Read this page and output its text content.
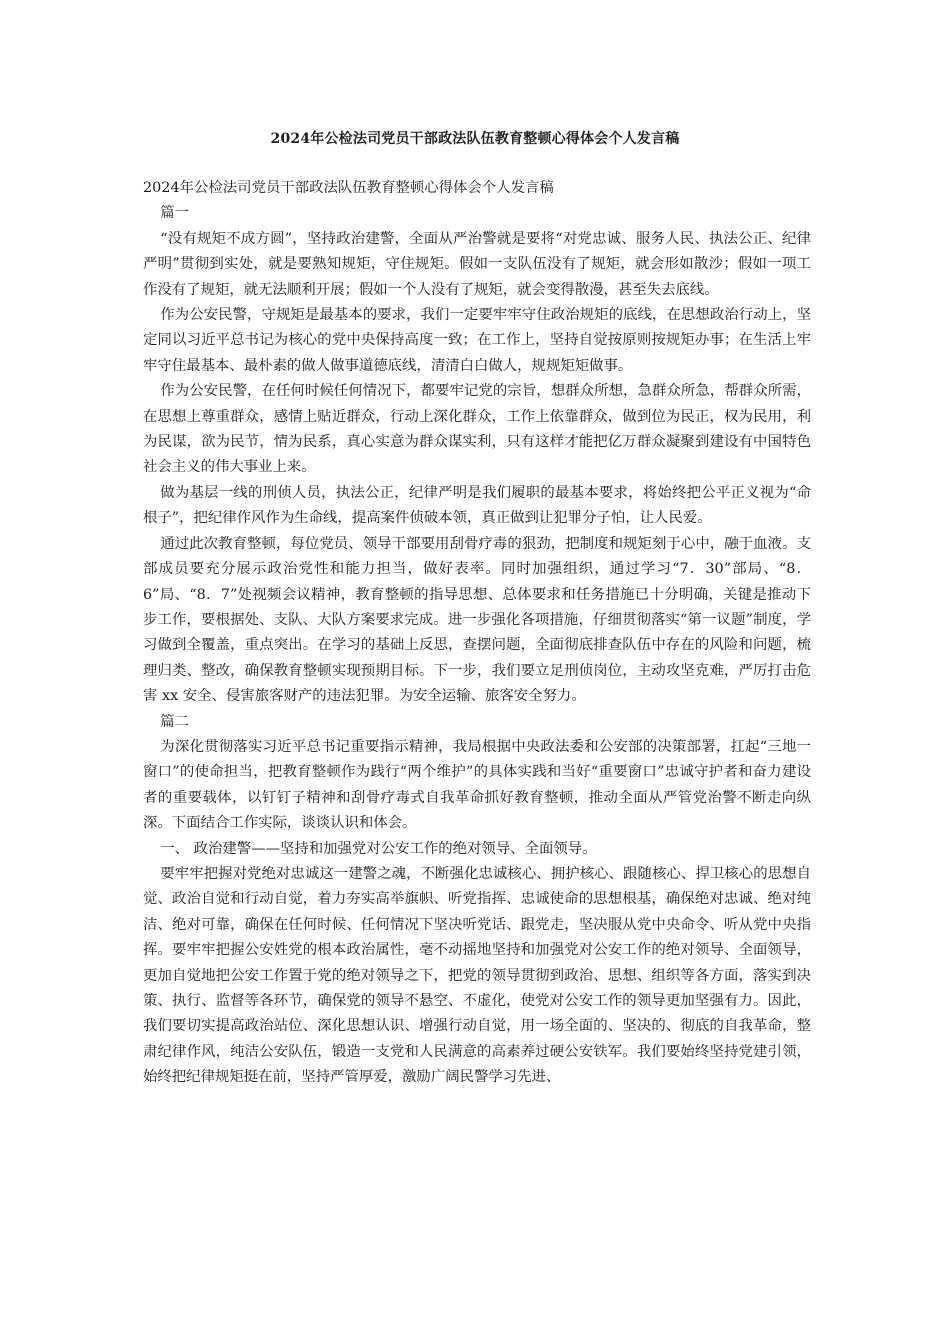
2024年公检法司党员干部政法队伍教育整顿心得体会个人发言稿

2024年公检法司党员干部政法队伍教育整顿心得体会个人发言稿

篇一

“没有规矩不成方圆”，坚持政治建警，全面从严治警就是要将“对党忠诚、服务人民、执法公正、纪律严明”贯彻到实处，就是要熟知规矩，守住规矩。假如一支队伍没有了规矩，就会形如散沙；假如一项工作没有了规矩，就无法顺利开展；假如一个人没有了规矩，就会变得散漫，甚至失去底线。

作为公安民警，守规矩是最基本的要求，我们一定要牢牢守住政治规矩的底线，在思想政治行动上，坚定同以习近平总书记为核心的党中央保持高度一致；在工作上，坚持自觉按原则按规矩办事；在生活上牢牢守住最基本、最朴素的做人做事道德底线，清清白白做人，规规矩矩做事。

作为公安民警，在任何时候任何情况下，都要牢记党的宗旨，想群众所想，急群众所急，帮群众所需，在思想上尊重群众，感情上贴近群众，行动上深化群众，工作上依靠群众，做到位为民正，权为民用，利为民谋，欲为民节，情为民系，真心实意为群众谋实利，只有这样才能把亿万群众凝聚到建设有中国特色社会主义的伟大事业上来。

做为基层一线的刑侦人员，执法公正，纪律严明是我们履职的最基本要求，将始终把公平正义视为“命根子”，把纪律作风作为生命线，提高案件侦破本领，真正做到让犯罪分子怕，让人民爱。

通过此次教育整顿，每位党员、领导干部要用刮骨疗毒的狠劲，把制度和规矩刻于心中，融于血液。支部成员要充分展示政治党性和能力担当，做好表率。同时加强组织，通过学习“7．30”部局、“8．6”局、“8．7”处视频会议精神，教育整顿的指导思想、总体要求和任务措施已十分明确，关键是推动下步工作，要根据处、支队、大队方案要求完成。进一步强化各项措施，仔细贯彻落实“第一议题”制度，学习做到全覆盖，重点突出。在学习的基础上反思，查摆问题，全面彻底排查队伍中存在的风险和问题，梳理归类、整改，确保教育整顿实现预期目标。下一步，我们要立足刑侦岗位，主动攻坚克难，严厉打击危害 xx 安全、侵害旅客财产的违法犯罪。为安全运输、旅客安全努力。

篇二

为深化贯彻落实习近平总书记重要指示精神，我局根据中央政法委和公安部的决策部署，扛起“三地一窗口”的使命担当，把教育整顿作为践行“两个维护”的具体实践和当好“重要窗口”忠诚守护者和奋力建设者的重要载体，以钉钉子精神和刮骨疗毒式自我革命抓好教育整顿，推动全面从严管党治警不断走向纵深。下面结合工作实际，谈谈认识和体会。

一、 政治建警——坚持和加强党对公安工作的绝对领导、全面领导。

要牢牢把握对党绝对忠诚这一建警之魂，不断强化忠诚核心、拥护核心、跟随核心、捍卫核心的思想自觉、政治自觉和行动自觉，着力夯实高举旗帜、听党指挥、忠诚使命的思想根基，确保绝对忠诚、绝对纯洁、绝对可靠，确保在任何时候、任何情况下坚决听党话、跟党走，坚决服从党中央命令、听从党中央指挥。要牢牢把握公安姓党的根本政治属性，毫不动摇地坚持和加强党对公安工作的绝对领导、全面领导，更加自觉地把公安工作置于党的绝对领导之下，把党的领导贯彻到政治、思想、组织等各方面，落实到决策、执行、监督等各环节，确保党的领导不悬空、不虚化，使党对公安工作的领导更加坚强有力。因此，我们要切实提高政治站位、深化思想认识、增强行动自觉，用一场全面的、坚决的、彻底的自我革命，整肃纪律作风，纯洁公安队伍，锻造一支党和人民满意的高素养过硬公安铁军。我们要始终坚持党建引领，始终把纪律规矩挺在前，坚持严管厚爱，激励广阔民警学习先进、
